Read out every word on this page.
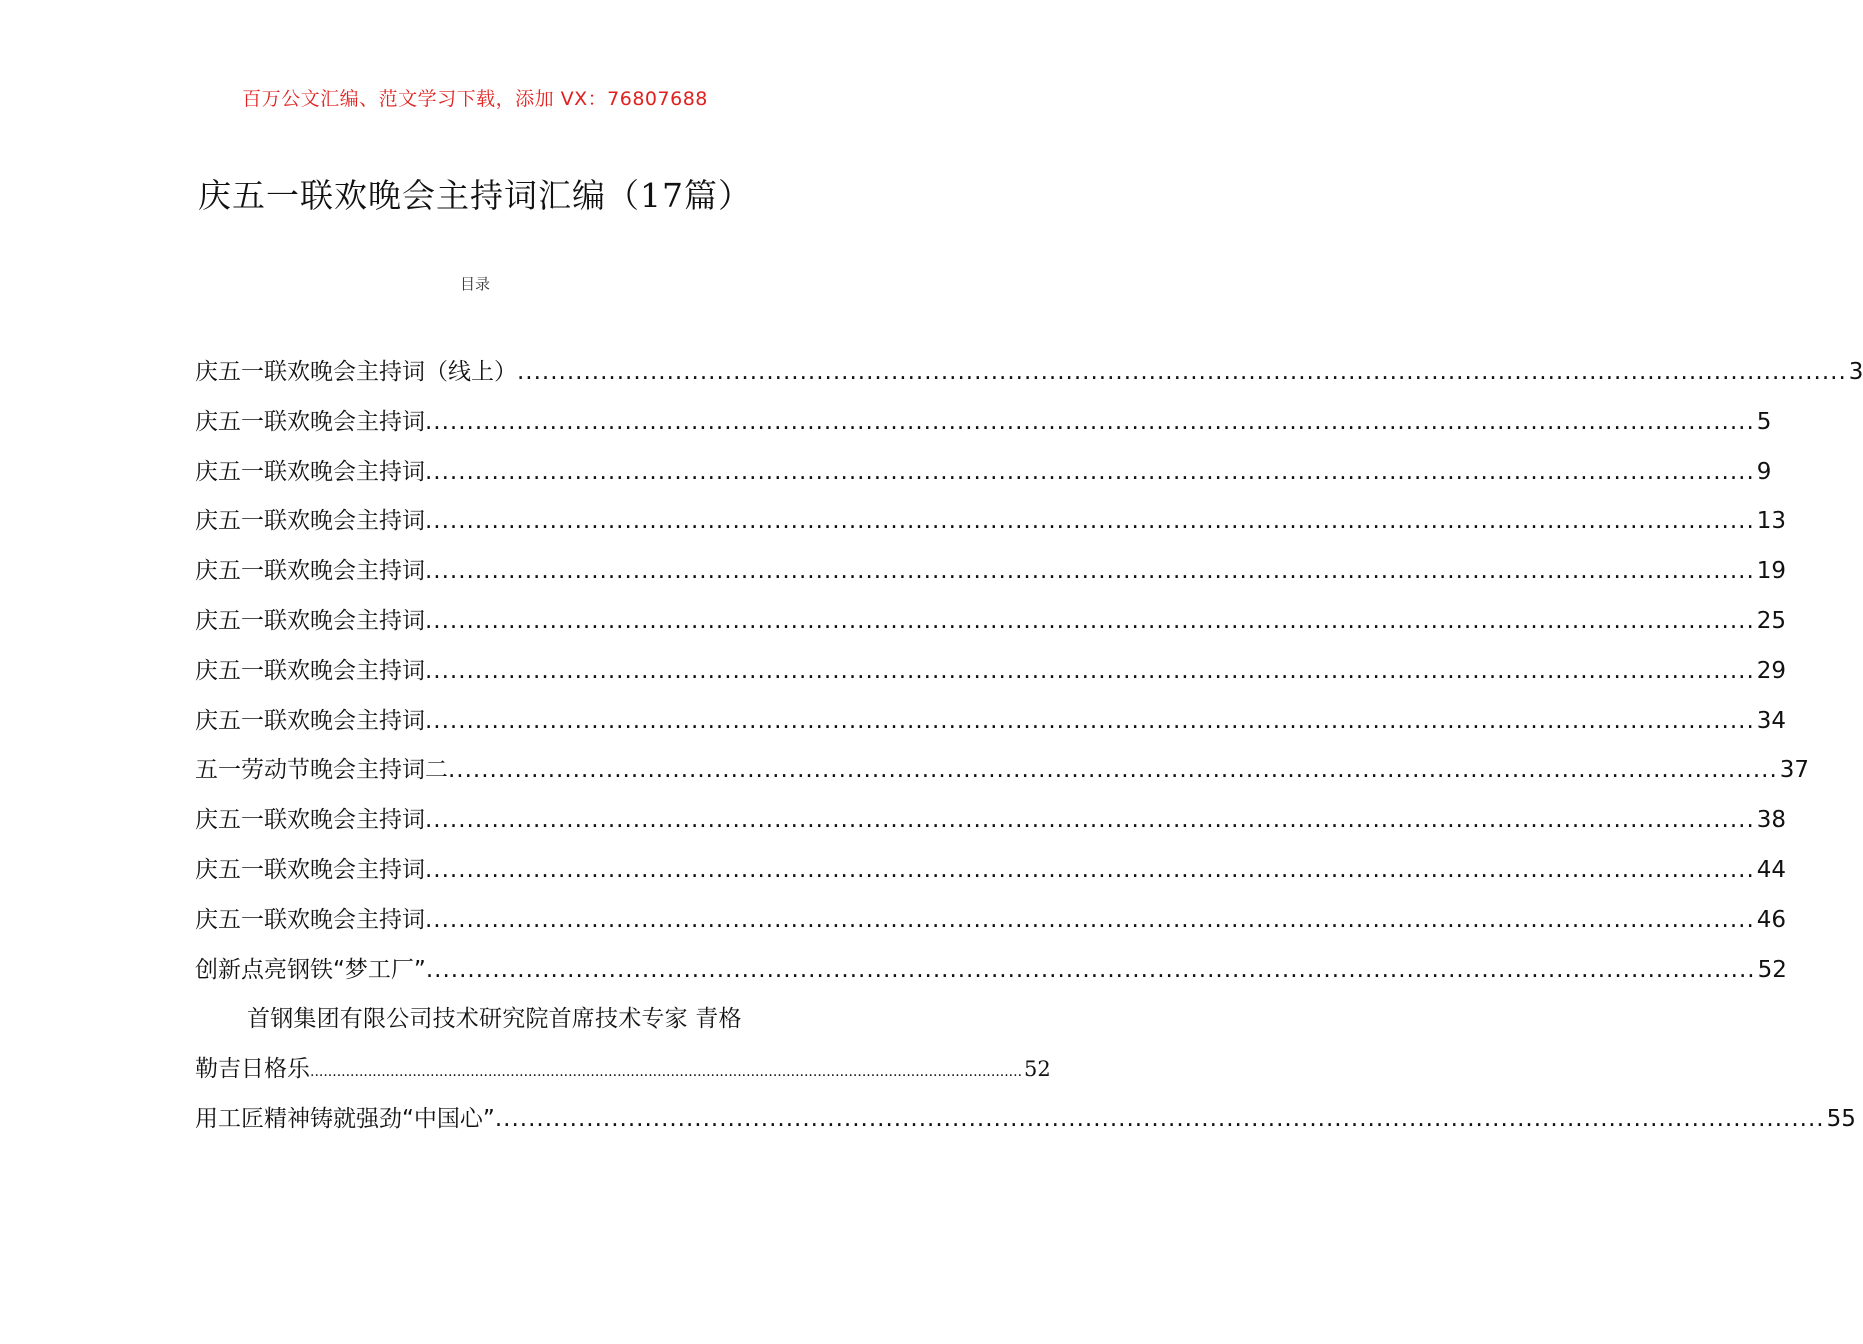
百万公文汇编、范文学习下载，添加 VX：76807688
庆五一联欢晚会主持词汇编（17篇）
目录
庆五一联欢晚会主持词（线上） ................................................................................................................................................................ 3
庆五一联欢晚会主持词 ................................................................................................................................................................ 5
庆五一联欢晚会主持词 ................................................................................................................................................................ 9
庆五一联欢晚会主持词 ................................................................................................................................................................ 13
庆五一联欢晚会主持词 ................................................................................................................................................................ 19
庆五一联欢晚会主持词 ................................................................................................................................................................ 25
庆五一联欢晚会主持词 ................................................................................................................................................................ 29
庆五一联欢晚会主持词 ................................................................................................................................................................ 34
五一劳动节晚会主持词二 ................................................................................................................................................................ 37
庆五一联欢晚会主持词 ................................................................................................................................................................ 38
庆五一联欢晚会主持词 ................................................................................................................................................................ 44
庆五一联欢晚会主持词 ................................................................................................................................................................ 46
创新点亮钢铁“梦工厂” ................................................................................................................................................................ 52
首钢集团有限公司技术研究院首席技术专家 青格
勒吉日格乐 ................................................................................................................................................................ 52
用工匠精神铸就强劲“中国心” ................................................................................................................................................................ 55
